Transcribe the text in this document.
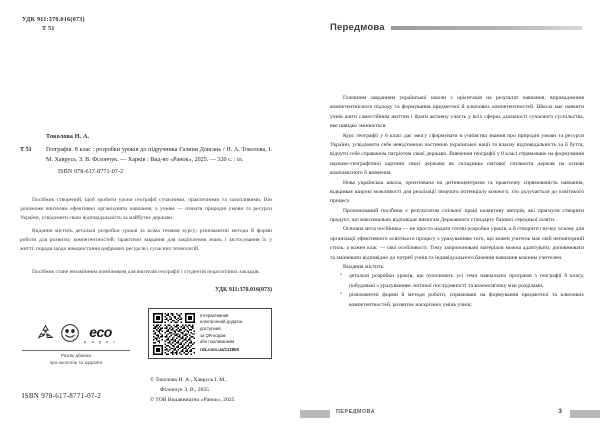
УДК 911:370.016(073)
Т 51
Токолова Н. А.
Т 51 Географія. 8 клас : розробки уроків до підручника Галини Довгань / Н. А. Токолова, І. М. Хаврусь, З. В. Філончук. — Харків : Вид-во «Ранок», 2025. — 320 с. : іл.
ISBN 978-617-8771-07-2
Посібник створений, щоб зробити уроки географії сучасними, практичними та захопливими. Він допоможе вчителям ефективно організувати навчання, а учням — пізнати природні умови та ресурси України, усвідомити свою відповідальність за майбутнє держави.
Видання містить детальні розробки уроків за всіма темами курсу; різноманітні методи й форми роботи для розвитку компетентностей; практичні завдання для закріплення знань і застосування їх у житті; поради щодо використання цифрових ресурсів і сучасних технологій.
Посібник стане незамінним помічником для вчителів географії і студентів педагогічних закладів.
УДК 911:370.016(073)
eco
p a p e r
Разом дбаємо
про екологію та здоров'я
ISBN 978-617-8771-07-2
Інтерактивний
електронний додаток
доступний
за QR-кодом
або покликанням
rnk.com.ua/112850
© Токолова Н. А., Хаврусь І. М.,
Філончук З. В., 2025
© ТОВ Видавництво «Ранок», 2025
Передмова

Головним завданням української школи є орієнтація на результат навчання, впровадження компетентнісного підходу та формування предметної й ключових компетентностей. Школа має навчити учнів жити самостійним життям і брати активну участь у всіх сферах діяльності сучасного суспільства, яке швидко змінюється.

Курс географії у 8 класі дає змогу сформувати в учнівства знання про природні умови та ресурси України, усвідомити себе невід'ємною частиною української нації та власну відповідальність за її буття, відчути себе справжнім патріотом своєї держави. Вивчення географії у 8 класі спрямоване на формування науково-географічної картини своєї держави як складника світової спільноти держав на основі комплексного її вивчення.

Нова українська школа, орієнтована на дитиноцентризм та практичну спрямованість навчання, відкриває широкі можливості для реалізації творчого потенціалу кожного, хто долучається до освітнього процесу.

Пропонований посібник є результатом спільної праці колективу авторів, які прагнули створити продукт, що максимально відповідає вимогам Державного стандарту базової середньої освіти.

Основна мета посібника — не просто надати готові розробки уроків, а й створити гнучку основу для організації ефективного освітнього процесу з урахуванням того, що кожен учитель має свій неповторний стиль, а кожен клас — свої особливості. Тому запропоновані матеріали можна адаптувати, доповнювати та змінювати відповідно до потреб учнів та індивідуального бачення навчання кожним учителем.

Видання містить:

• детальні розробки уроків, що охоплюють усі теми навчальної програми з географії 8 класу, побудовані з урахуванням логічної послідовності та взаємозв'язку між розділами;
• різноманітні форми й методи роботи, спрямовані на формування предметної та ключових компетентностей, розвиток наскрізних умінь учнів;
ПЕРЕДМОВА	3
